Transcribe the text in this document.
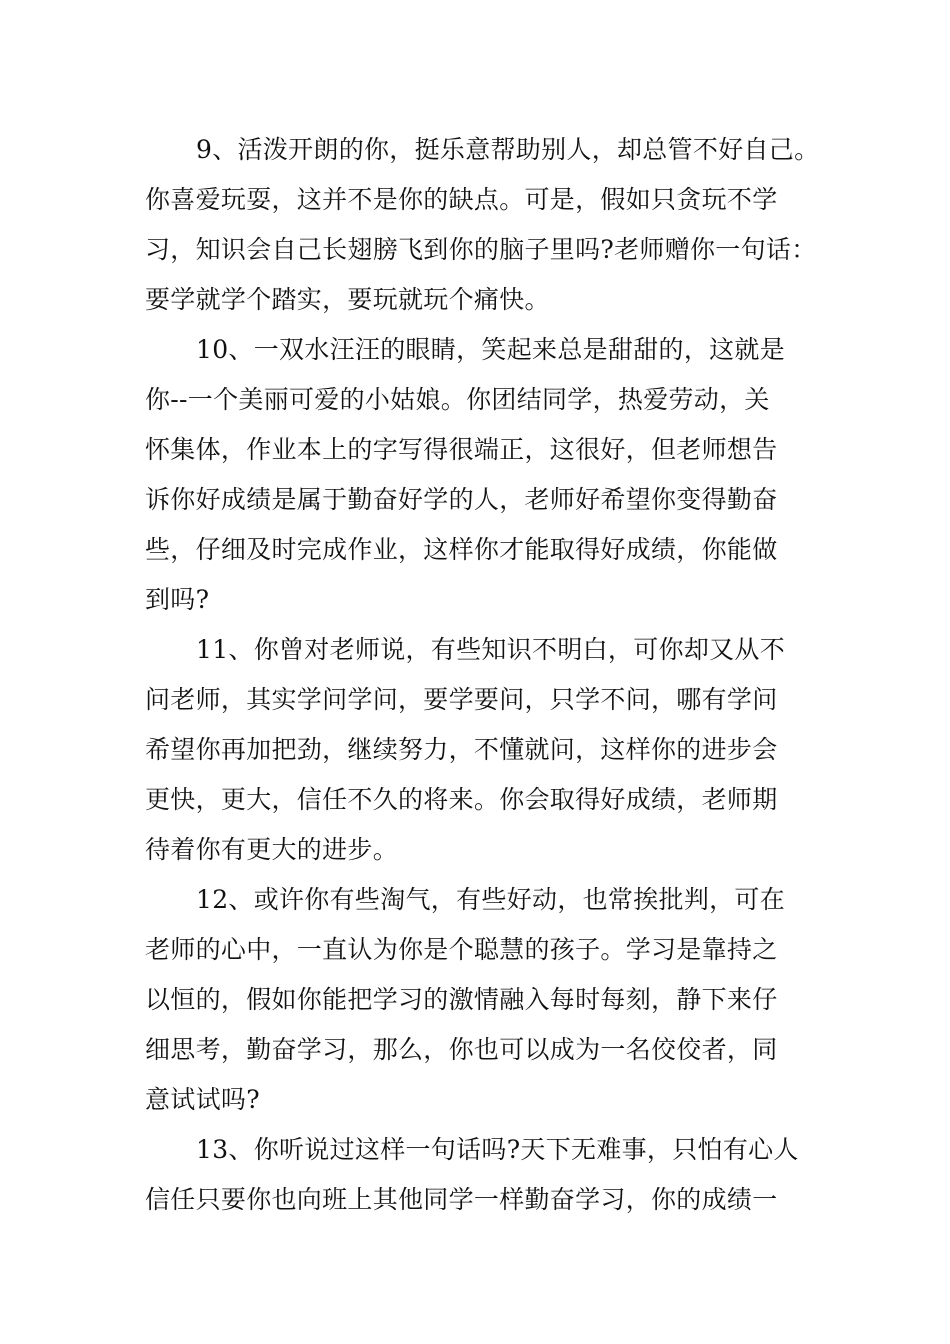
9、活泼开朗的你，挺乐意帮助别人，却总管不好自己。

你喜爱玩耍，这并不是你的缺点。可是，假如只贪玩不学

习，知识会自己长翅膀飞到你的脑子里吗?老师赠你一句话：

要学就学个踏实，要玩就玩个痛快。

10、一双水汪汪的眼睛，笑起来总是甜甜的，这就是

你--一个美丽可爱的小姑娘。你团结同学，热爱劳动，关

怀集体，作业本上的字写得很端正，这很好，但老师想告

诉你好成绩是属于勤奋好学的人，老师好希望你变得勤奋

些，仔细及时完成作业，这样你才能取得好成绩，你能做

到吗?

11、你曾对老师说，有些知识不明白，可你却又从不

问老师，其实学问学问，要学要问，只学不问，哪有学问

希望你再加把劲，继续努力，不懂就问，这样你的进步会

更快，更大，信任不久的将来。你会取得好成绩，老师期

待着你有更大的进步。

12、或许你有些淘气，有些好动，也常挨批判，可在

老师的心中，一直认为你是个聪慧的孩子。学习是靠持之

以恒的，假如你能把学习的激情融入每时每刻，静下来仔

细思考，勤奋学习，那么，你也可以成为一名佼佼者，同

意试试吗?

13、你听说过这样一句话吗?天下无难事，只怕有心人

信任只要你也向班上其他同学一样勤奋学习，你的成绩一
